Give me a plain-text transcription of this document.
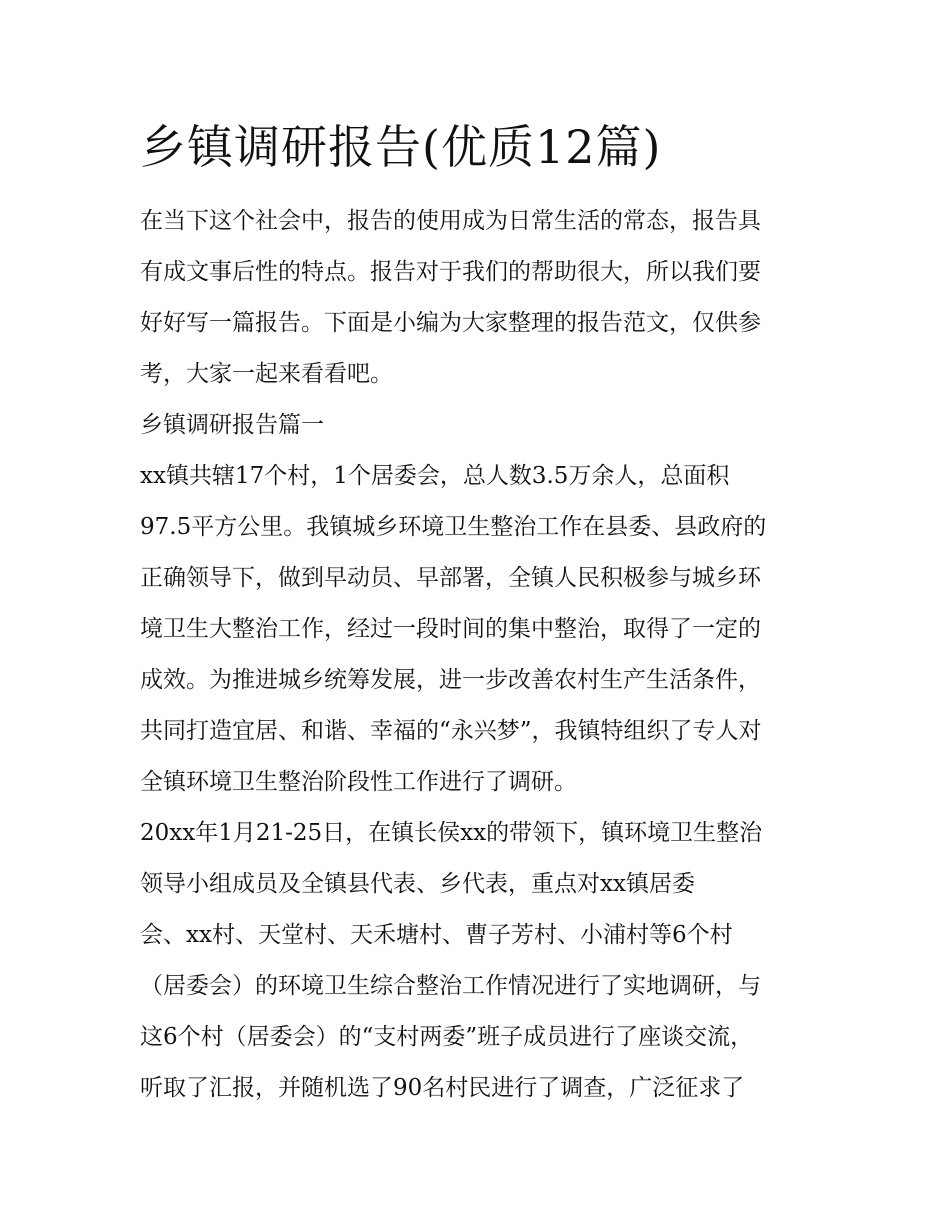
乡镇调研报告(优质12篇)
在当下这个社会中，报告的使用成为日常生活的常态，报告具
有成文事后性的特点。报告对于我们的帮助很大，所以我们要
好好写一篇报告。下面是小编为大家整理的报告范文，仅供参
考，大家一起来看看吧。
乡镇调研报告篇一
xx镇共辖17个村，1个居委会，总人数3.5万余人，总面积
97.5平方公里。我镇城乡环境卫生整治工作在县委、县政府的
正确领导下，做到早动员、早部署，全镇人民积极参与城乡环
境卫生大整治工作，经过一段时间的集中整治，取得了一定的
成效。为推进城乡统筹发展，进一步改善农村生产生活条件，
共同打造宜居、和谐、幸福的“永兴梦”，我镇特组织了专人对
全镇环境卫生整治阶段性工作进行了调研。
20xx年1月21-25日，在镇长侯xx的带领下，镇环境卫生整治
领导小组成员及全镇县代表、乡代表，重点对xx镇居委
会、xx村、天堂村、天禾塘村、曹子芳村、小浦村等6个村
（居委会）的环境卫生综合整治工作情况进行了实地调研，与
这6个村（居委会）的“支村两委”班子成员进行了座谈交流，
听取了汇报，并随机选了90名村民进行了调查，广泛征求了
